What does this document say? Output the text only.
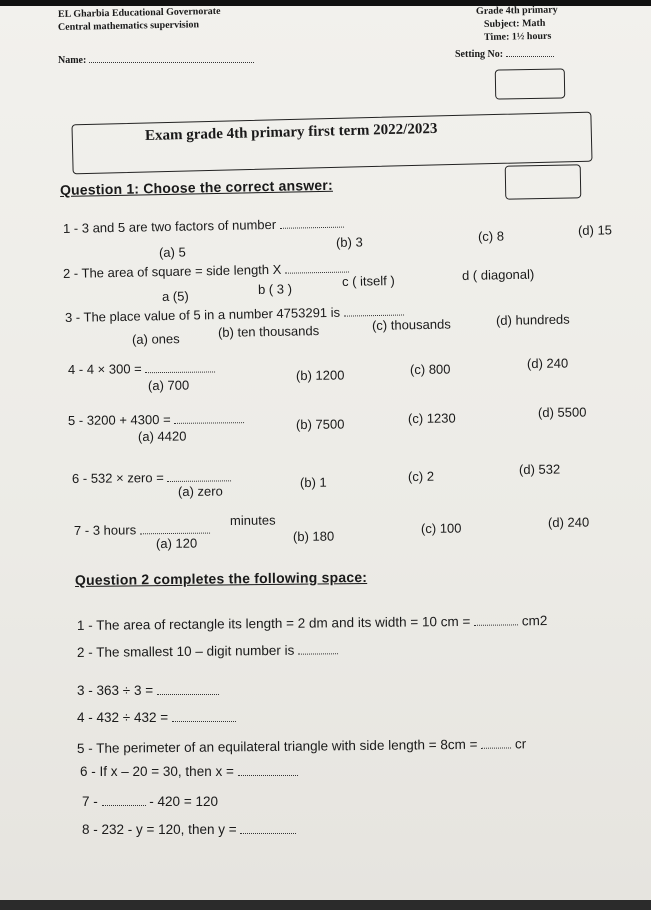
EL Gharbia Educational Governorate
Central mathematics supervision
Name:
Grade 4th primary
Subject: Math
Time: 1½ hours
Setting No:
Exam grade 4th primary first term 2022/2023
Question 1: Choose the correct answer:
1 - 3 and 5 are two factors of number
(a) 5
(b) 3	(c) 8	(d) 15
2 - The area of square = side length X
a (5)	b ( 3 )
c ( itself )	d ( diagonal)
3 - The place value of 5 in a number 4753291 is
(a) ones	(b) ten thousands	(c) thousands	(d) hundreds
4 - 4 × 300 =
(a) 700
(b) 1200	(c) 800	(d) 240
5 - 3200 + 4300 =
(a) 4420
(b) 7500	(c) 1230	(d) 5500
6 - 532 × zero =
(a) zero
(b) 1	(c) 2	(d) 532
7 - 3 hours
minutes
(a) 120	(b) 180
(c) 100	(d) 240
Question 2 completes the following space:
1 - The area of rectangle its length = 2 dm and its width = 10 cm =	cm2
2 - The smallest 10 – digit number is
3 - 363 ÷ 3 =
4 - 432 ÷ 432 =
5 - The perimeter of an equilateral triangle with side length = 8cm =	cr
6 - If x – 20 = 30, then x =
7 -	- 420 = 120
8 - 232 - y = 120, then y =
